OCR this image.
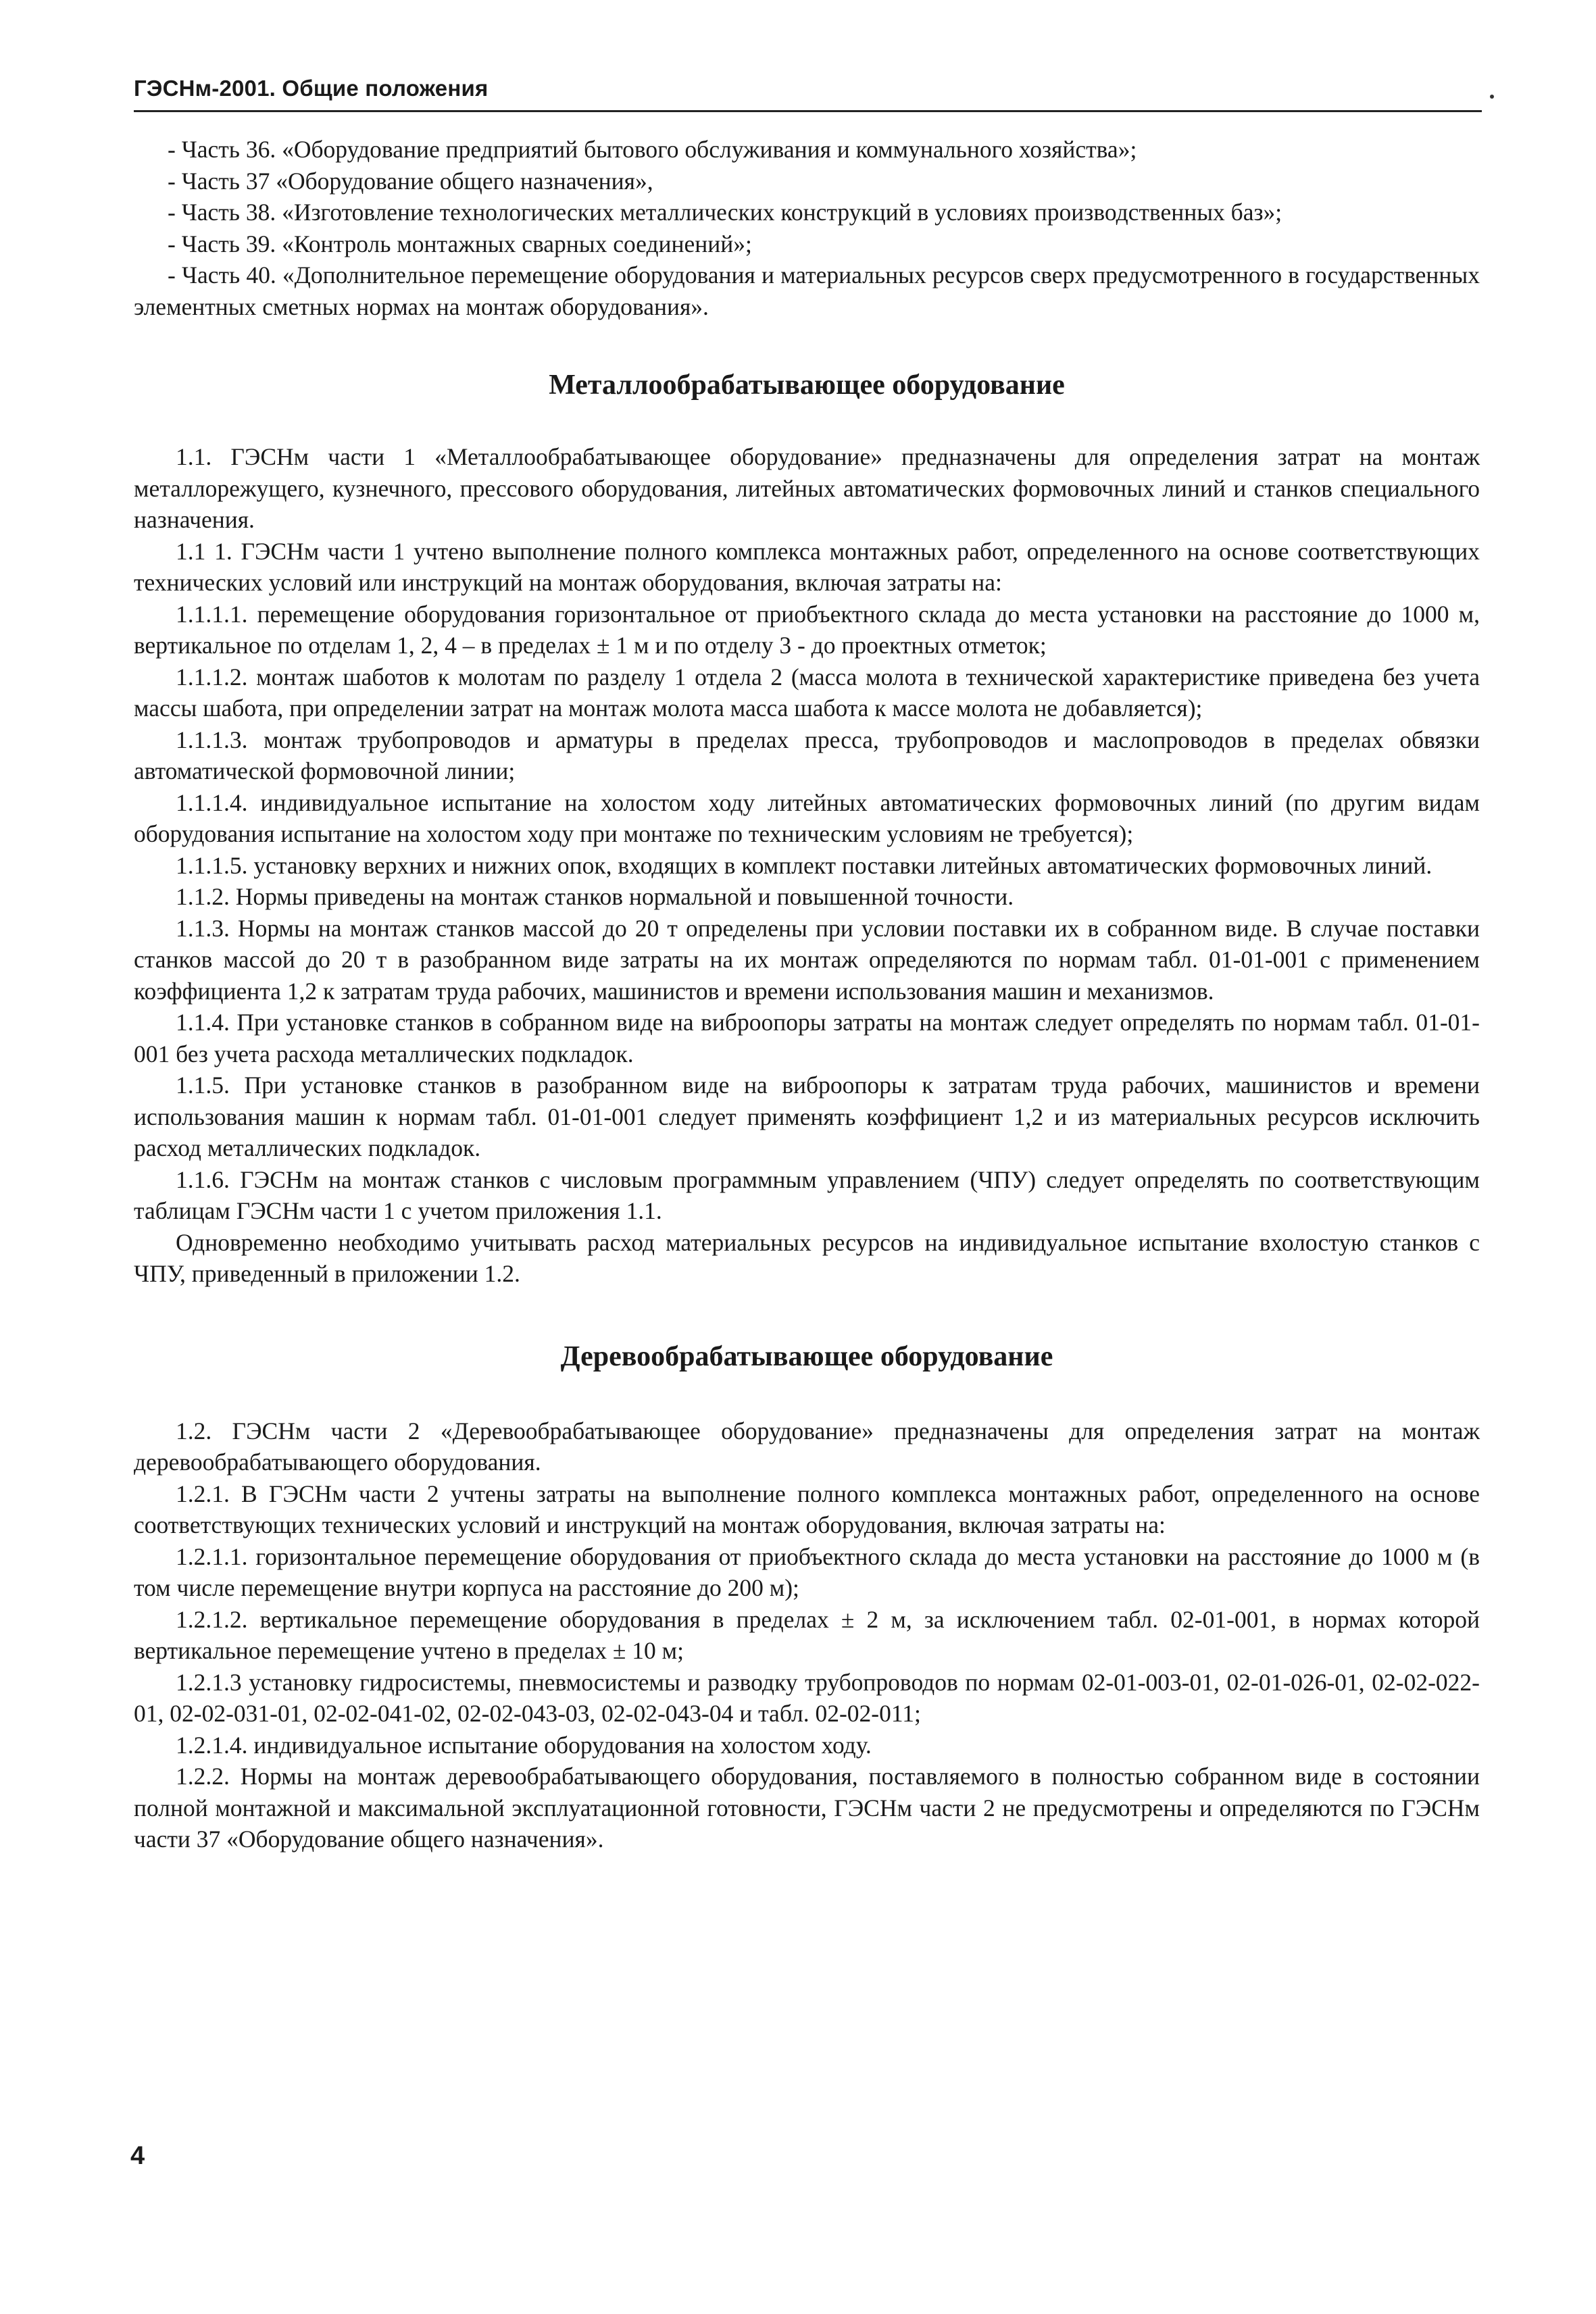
ГЭСНм-2001. Общие положения

- Часть 36. «Оборудование предприятий бытового обслуживания и коммунального хозяйства»;

- Часть 37 «Оборудование общего назначения»,

- Часть 38. «Изготовление технологических металлических конструкций в условиях производственных баз»;

- Часть 39. «Контроль монтажных сварных соединений»;

- Часть 40. «Дополнительное перемещение оборудования и материальных ресурсов сверх предусмотренного в государственных элементных сметных нормах на монтаж оборудования».

Металлообрабатывающее оборудование

1.1. ГЭСНм части 1 «Металлообрабатывающее оборудование» предназначены для определения затрат на монтаж металлорежущего, кузнечного, прессового оборудования, литейных автоматических формовочных линий и станков специального назначения.

1.1 1. ГЭСНм части 1 учтено выполнение полного комплекса монтажных работ, определенного на основе соответствующих технических условий или инструкций на монтаж оборудования, включая затраты на:

1.1.1.1. перемещение оборудования горизонтальное от приобъектного склада до места установки на расстояние до 1000 м, вертикальное по отделам 1, 2, 4 – в пределах ± 1 м и по отделу 3 - до проектных отметок;

1.1.1.2. монтаж шаботов к молотам по разделу 1 отдела 2 (масса молота в технической характеристике приведена без учета массы шабота, при определении затрат на монтаж молота масса шабота к массе молота не добавляется);

1.1.1.3. монтаж трубопроводов и арматуры в пределах пресса, трубопроводов и маслопроводов в пределах обвязки автоматической формовочной линии;

1.1.1.4. индивидуальное испытание на холостом ходу литейных автоматических формовочных линий (по другим видам оборудования испытание на холостом ходу при монтаже по техническим условиям не требуется);

1.1.1.5. установку верхних и нижних опок, входящих в комплект поставки литейных автоматических формовочных линий.

1.1.2. Нормы приведены на монтаж станков нормальной и повышенной точности.

1.1.3. Нормы на монтаж станков массой до 20 т определены при условии поставки их в собранном виде. В случае поставки станков массой до 20 т в разобранном виде затраты на их монтаж определяются по нормам табл. 01-01-001 с применением коэффициента 1,2 к затратам труда рабочих, машинистов и времени использования машин и механизмов.

1.1.4. При установке станков в собранном виде на виброопоры затраты на монтаж следует определять по нормам табл. 01-01-001 без учета расхода металлических подкладок.

1.1.5. При установке станков в разобранном виде на виброопоры к затратам труда рабочих, машинистов и времени использования машин к нормам табл. 01-01-001 следует применять коэффициент 1,2 и из материальных ресурсов исключить расход металлических подкладок.

1.1.6. ГЭСНм на монтаж станков с числовым программным управлением (ЧПУ) следует определять по соответствующим таблицам ГЭСНм части 1 с учетом приложения 1.1.

Одновременно необходимо учитывать расход материальных ресурсов на индивидуальное испытание вхолостую станков с ЧПУ, приведенный в приложении 1.2.

Деревообрабатывающее оборудование

1.2. ГЭСНм части 2 «Деревообрабатывающее оборудование» предназначены для определения затрат на монтаж деревообрабатывающего оборудования.

1.2.1. В ГЭСНм части 2 учтены затраты на выполнение полного комплекса монтажных работ, определенного на основе соответствующих технических условий и инструкций на монтаж оборудования, включая затраты на:

1.2.1.1. горизонтальное перемещение оборудования от приобъектного склада до места установки на расстояние до 1000 м (в том числе перемещение внутри корпуса на расстояние до 200 м);

1.2.1.2. вертикальное перемещение оборудования в пределах ± 2 м, за исключением табл. 02-01-001, в нормах которой вертикальное перемещение учтено в пределах ± 10 м;

1.2.1.3 установку гидросистемы, пневмосистемы и разводку трубопроводов по нормам 02-01-003-01, 02-01-026-01, 02-02-022-01, 02-02-031-01, 02-02-041-02, 02-02-043-03, 02-02-043-04 и табл. 02-02-011;

1.2.1.4. индивидуальное испытание оборудования на холостом ходу.

1.2.2. Нормы на монтаж деревообрабатывающего оборудования, поставляемого в полностью собранном виде в состоянии полной монтажной и максимальной эксплуатационной готовности, ГЭСНм части 2 не предусмотрены и определяются по ГЭСНм части 37 «Оборудование общего назначения».

4
